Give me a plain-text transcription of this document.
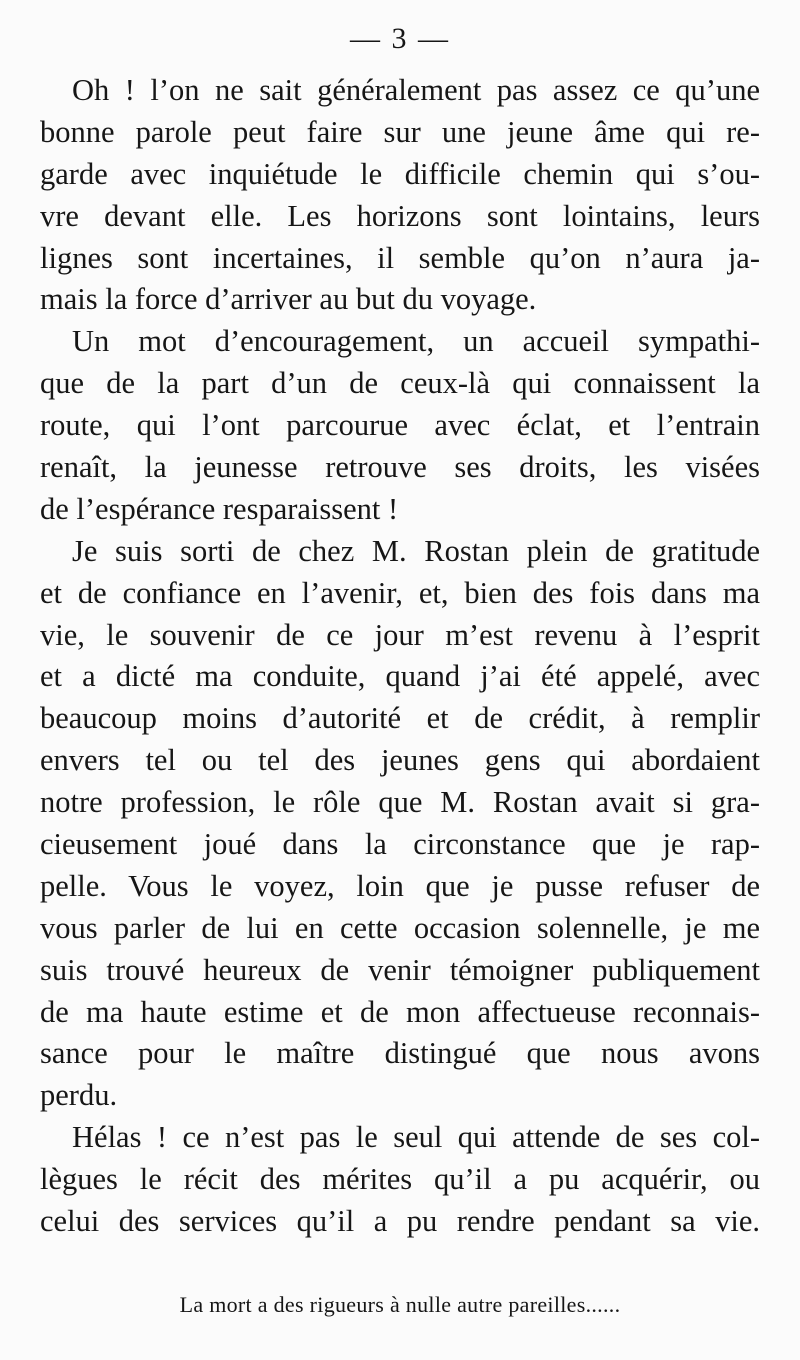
— 3 —
Oh ! l’on ne sait généralement pas assez ce qu’une
bonne parole peut faire sur une jeune âme qui re-
garde avec inquiétude le difficile chemin qui s’ou-
vre devant elle. Les horizons sont lointains, leurs
lignes sont incertaines, il semble qu’on n’aura ja-
mais la force d’arriver au but du voyage.
Un mot d’encouragement, un accueil sympathi-
que de la part d’un de ceux-là qui connaissent la
route, qui l’ont parcourue avec éclat, et l’entrain
renaît, la jeunesse retrouve ses droits, les visées
de l’espérance resparaissent !
Je suis sorti de chez M. Rostan plein de gratitude
et de confiance en l’avenir, et, bien des fois dans ma
vie, le souvenir de ce jour m’est revenu à l’esprit
et a dicté ma conduite, quand j’ai été appelé, avec
beaucoup moins d’autorité et de crédit, à remplir
envers tel ou tel des jeunes gens qui abordaient
notre profession, le rôle que M. Rostan avait si gra-
cieusement joué dans la circonstance que je rap-
pelle. Vous le voyez, loin que je pusse refuser de
vous parler de lui en cette occasion solennelle, je me
suis trouvé heureux de venir témoigner publiquement
de ma haute estime et de mon affectueuse reconnais-
sance pour le maître distingué que nous avons
perdu.
Hélas ! ce n’est pas le seul qui attende de ses col-
lègues le récit des mérites qu’il a pu acquérir, ou
celui des services qu’il a pu rendre pendant sa vie.
La mort a des rigueurs à nulle autre pareilles......
